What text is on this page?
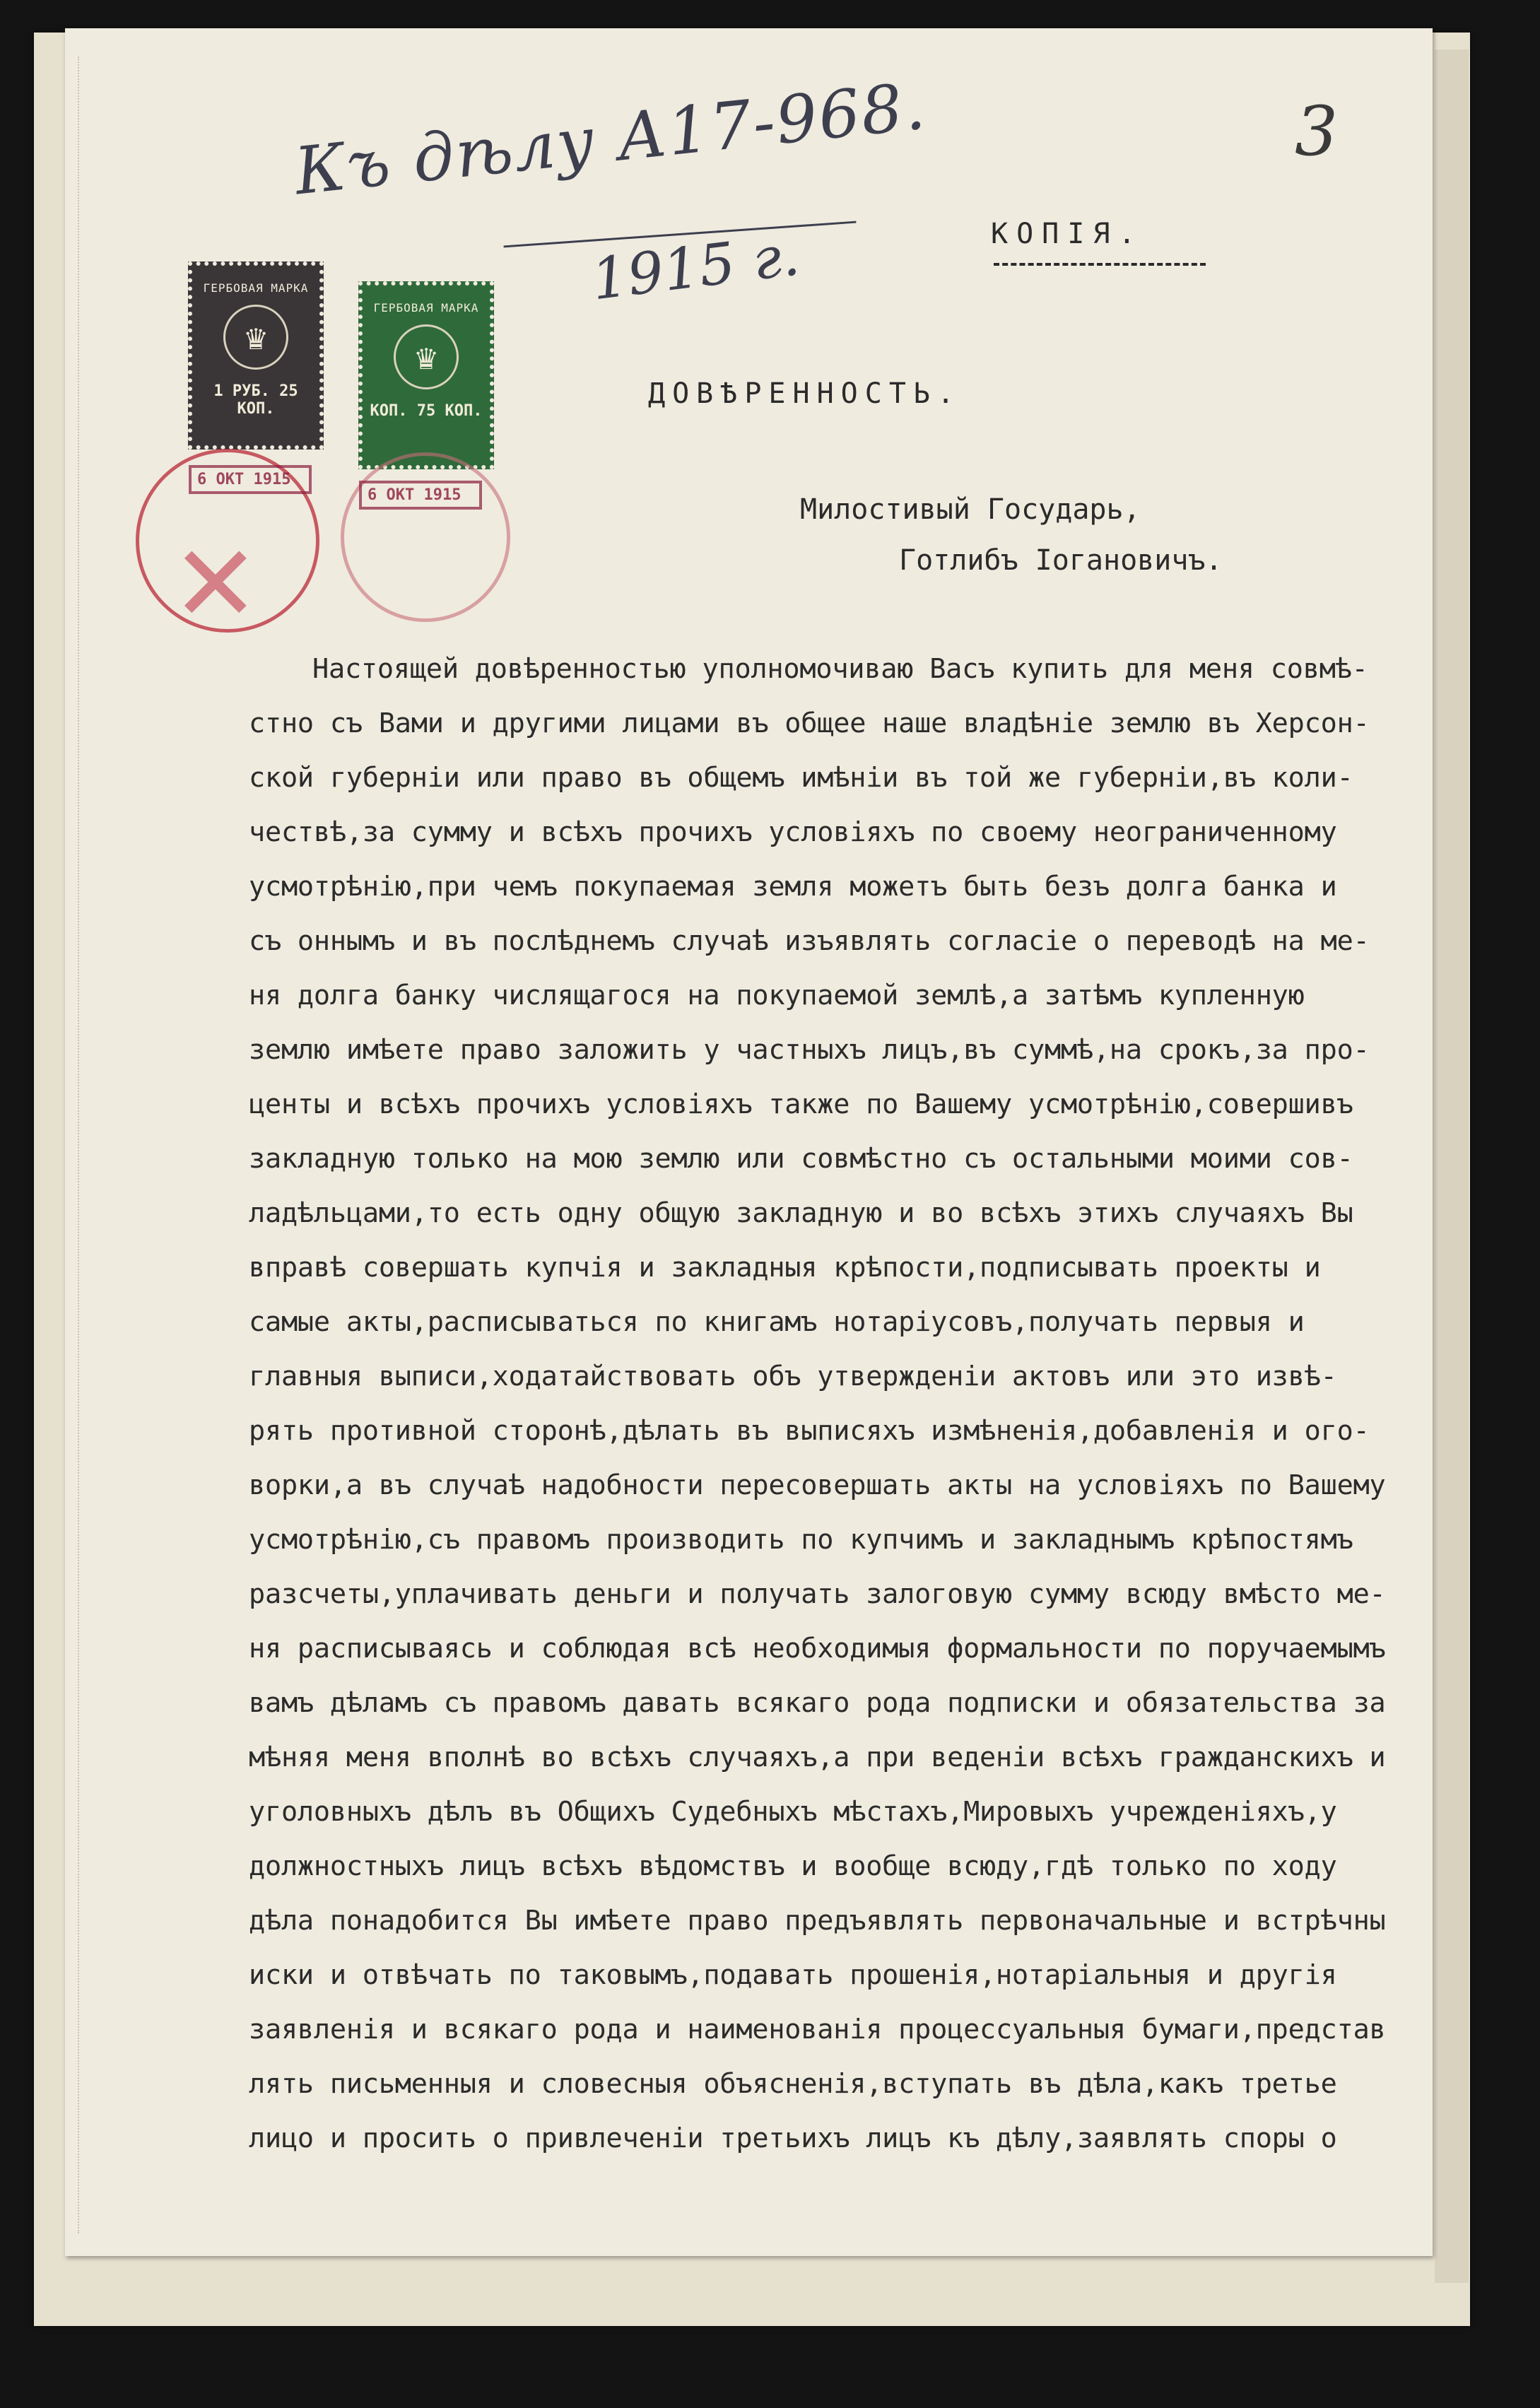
3
Къ дѣлу А17-968.
1915 г.	КОПIЯ.
ГЕРБОВАЯ МАРКА
♛
1 РУБ. 25 КОП.
ГЕРБОВАЯ МАРКА
♛
КОП. 75 КОП.
6 ОКТ 1915
6 ОКТ 1915
✕
ДОВѢРЕННОСТЬ.
Милостивый Государь,
Готлибъ Iогановичъ.
Настоящей довѣренностью уполномочиваю Васъ купить для меня совмѣ-
стно съ Вами и другими лицами въ общее наше владѣнiе землю въ Херсон-
ской губернiи или право въ общемъ имѣнiи въ той же губернiи,въ коли-
чествѣ,за сумму и всѣхъ прочихъ условiяхъ по своему неограниченному
усмотрѣнiю,при чемъ покупаемая земля можетъ быть безъ долга банка и
съ оннымъ и въ послѣднемъ случаѣ изъявлять согласiе о переводѣ на ме-
ня долга банку числящагося на покупаемой землѣ,а затѣмъ купленную
землю имѣете право заложить у частныхъ лицъ,въ суммѣ,на срокъ,за про-
центы и всѣхъ прочихъ условiяхъ также по Вашему усмотрѣнiю,совершивъ
закладную только на мою землю или совмѣстно съ остальными моими сов-
ладѣльцами,то есть одну общую закладную и во всѣхъ этихъ случаяхъ Вы
вправѣ совершать купчiя и закладныя крѣпости,подписывать проекты и
самые акты,расписываться по книгамъ нотарiусовъ,получать первыя и
главныя выписи,ходатайствовать объ утвержденiи актовъ или это извѣ-
рять противной сторонѣ,дѣлать въ выписяхъ измѣненiя,добавленiя и ого-
ворки,а въ случаѣ надобности пересовершать акты на условiяхъ по Вашему
усмотрѣнiю,съ правомъ производить по купчимъ и закладнымъ крѣпостямъ
разсчеты,уплачивать деньги и получать залоговую сумму всюду вмѣсто ме-
ня расписываясь и соблюдая всѣ необходимыя формальности по поручаемымъ
вамъ дѣламъ съ правомъ давать всякаго рода подписки и обязательства за
мѣняя меня вполнѣ во всѣхъ случаяхъ,а при веденiи всѣхъ гражданскихъ и
уголовныхъ дѣлъ въ Общихъ Судебныхъ мѣстахъ,Мировыхъ учрежденiяхъ,у
должностныхъ лицъ всѣхъ вѣдомствъ и вообще всюду,гдѣ только по ходу
дѣла понадобится Вы имѣете право предъявлять первоначальные и встрѣчны
иски и отвѣчать по таковымъ,подавать прошенiя,нотарiальныя и другiя
заявленiя и всякаго рода и наименованiя процессуальныя бумаги,представ
лять письменныя и словесныя объясненiя,вступать въ дѣла,какъ третье
лицо и просить о привлеченiи третьихъ лицъ къ дѣлу,заявлять споры о
